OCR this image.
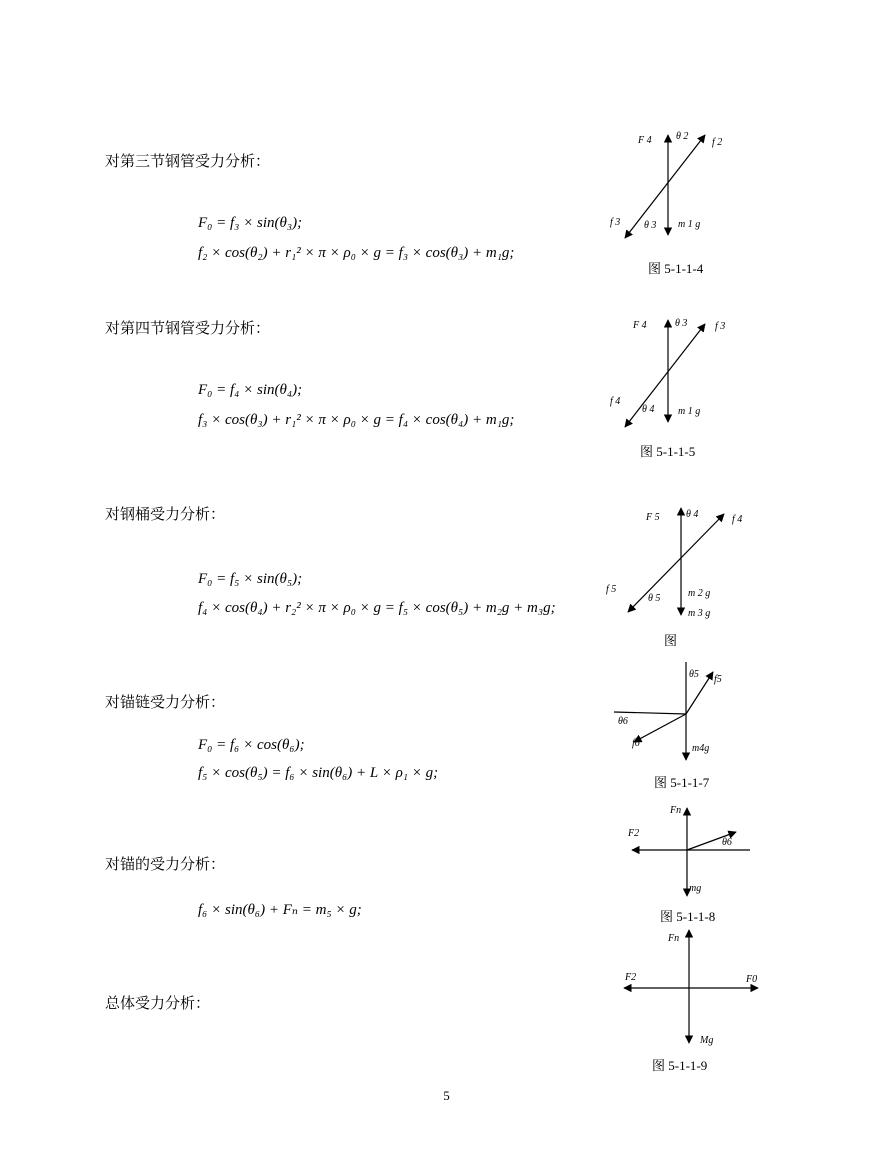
对第三节钢管受力分析：
F₀ = f₃ × sin(θ₃);
f₂ × cos(θ₂) + r₁² × π × ρ₀ × g = f₃ × cos(θ₃) + m₁g;
对第四节钢管受力分析：
F₀ = f₄ × sin(θ₄);
f₃ × cos(θ₃) + r₁² × π × ρ₀ × g = f₄ × cos(θ₄) + m₁g;
对钢桶受力分析：
F₀ = f₅ × sin(θ₅);
f₄ × cos(θ₄) + r₂² × π × ρ₀ × g = f₅ × cos(θ₅) + m₂g + m₃g;
对锚链受力分析：
F₀ = f₆ × cos(θ₆);
f₅ × cos(θ₅) = f₆ × sin(θ₆) + L × ρ₁ × g;
对锚的受力分析：
f₆ × sin(θ₆) + Fₙ = m₅ × g;
总体受力分析：
F 4 θ 2
f 2
f 3 θ 3 m 1 g
图 5-1-1-4
F 4	θ 3	f 3
f 4
θ 4 m 1 g
图 5-1-1-5
F 5	θ 4	f 4
f 5
θ 5	m 2 g
m 3 g
图
θ5 f5
θ6
f6	m4g
图 5-1-1-7
Fn
F2
θ6
mg
图 5-1-1-8
Fn
F2	F0
Mg
图 5-1-1-9
5
